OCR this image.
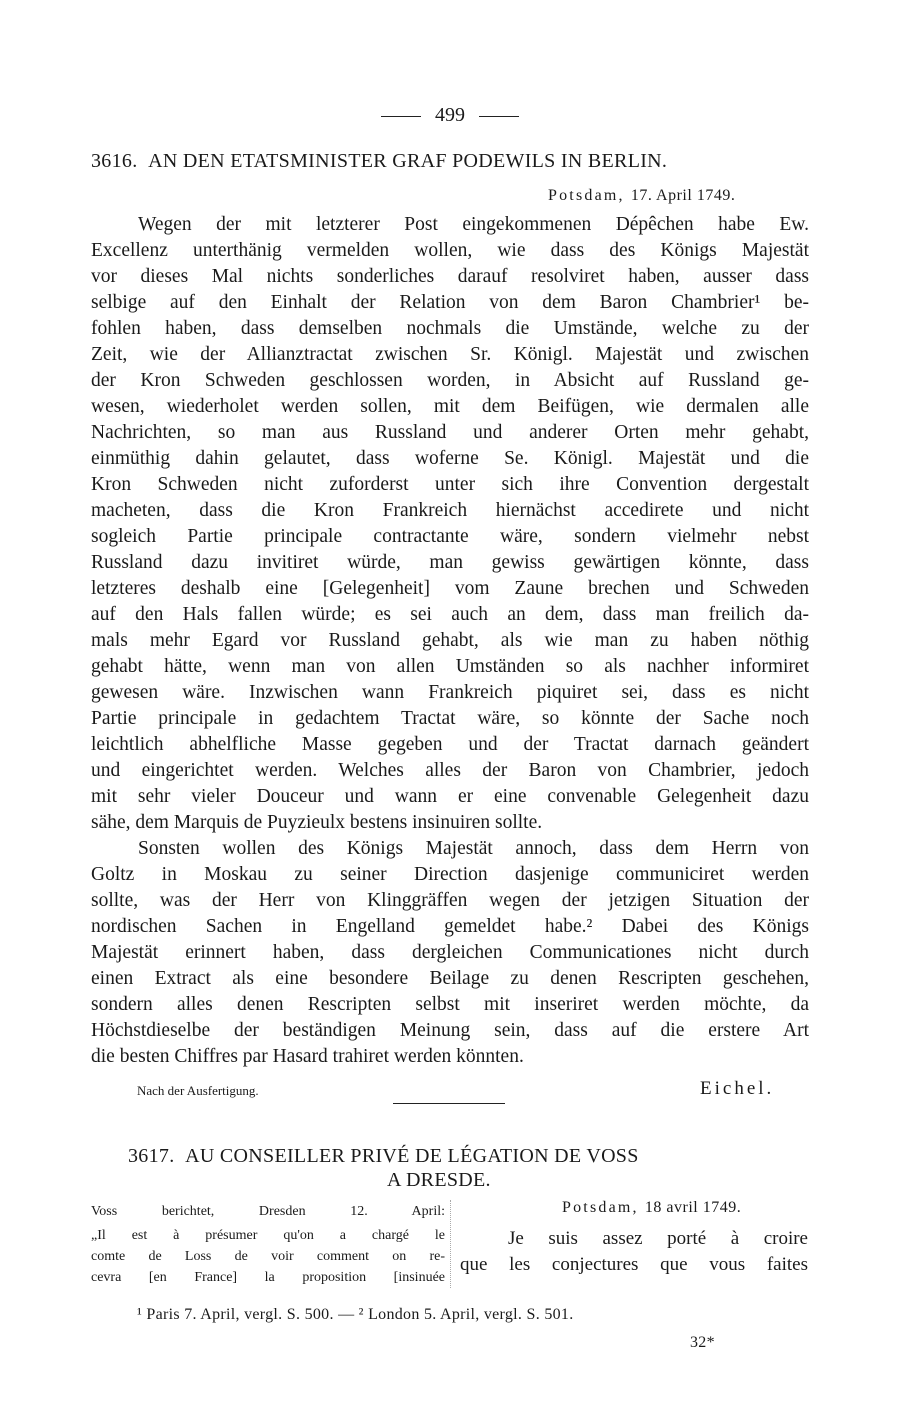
499
3616. AN DEN ETATSMINISTER GRAF PODEWILS IN BERLIN.
Potsdam, 17. April 1749.
Wegen der mit letzterer Post eingekommenen Dépêchen habe Ew.
Excellenz unterthänig vermelden wollen, wie dass des Königs Majestät
vor dieses Mal nichts sonderliches darauf resolviret haben, ausser dass
selbige auf den Einhalt der Relation von dem Baron Chambrier¹ be-
fohlen haben, dass demselben nochmals die Umstände, welche zu der
Zeit, wie der Allianztractat zwischen Sr. Königl. Majestät und zwischen
der Kron Schweden geschlossen worden, in Absicht auf Russland ge-
wesen, wiederholet werden sollen, mit dem Beifügen, wie dermalen alle
Nachrichten, so man aus Russland und anderer Orten mehr gehabt,
einmüthig dahin gelautet, dass woferne Se. Königl. Majestät und die
Kron Schweden nicht zuforderst unter sich ihre Convention dergestalt
macheten, dass die Kron Frankreich hiernächst accedirete und nicht
sogleich Partie principale contractante wäre, sondern vielmehr nebst
Russland dazu invitiret würde, man gewiss gewärtigen könnte, dass
letzteres deshalb eine [Gelegenheit] vom Zaune brechen und Schweden
auf den Hals fallen würde; es sei auch an dem, dass man freilich da-
mals mehr Egard vor Russland gehabt, als wie man zu haben nöthig
gehabt hätte, wenn man von allen Umständen so als nachher informiret
gewesen wäre. Inzwischen wann Frankreich piquiret sei, dass es nicht
Partie principale in gedachtem Tractat wäre, so könnte der Sache noch
leichtlich abhelfliche Masse gegeben und der Tractat darnach geändert
und eingerichtet werden. Welches alles der Baron von Chambrier, jedoch
mit sehr vieler Douceur und wann er eine convenable Gelegenheit dazu
sähe, dem Marquis de Puyzieulx bestens insinuiren sollte.
Sonsten wollen des Königs Majestät annoch, dass dem Herrn von
Goltz in Moskau zu seiner Direction dasjenige communiciret werden
sollte, was der Herr von Klinggräffen wegen der jetzigen Situation der
nordischen Sachen in Engelland gemeldet habe.² Dabei des Königs
Majestät erinnert haben, dass dergleichen Communicationes nicht durch
einen Extract als eine besondere Beilage zu denen Rescripten geschehen,
sondern alles denen Rescripten selbst mit inseriret werden möchte, da
Höchstdieselbe der beständigen Meinung sein, dass auf die erstere Art
die besten Chiffres par Hasard trahiret werden könnten.
Nach der Ausfertigung.	Eichel.
3617. AU CONSEILLER PRIVÉ DE LÉGATION DE VOSS
A DRESDE.
Voss berichtet, Dresden 12. April:
„Il est à présumer qu'on a chargé le
comte de Loss de voir comment on re-
cevra [en France] la proposition [insinuée
Potsdam, 18 avril 1749.
Je suis assez porté à croire
que les conjectures que vous faites
¹ Paris 7. April, vergl. S. 500. — ² London 5. April, vergl. S. 501.
32*
